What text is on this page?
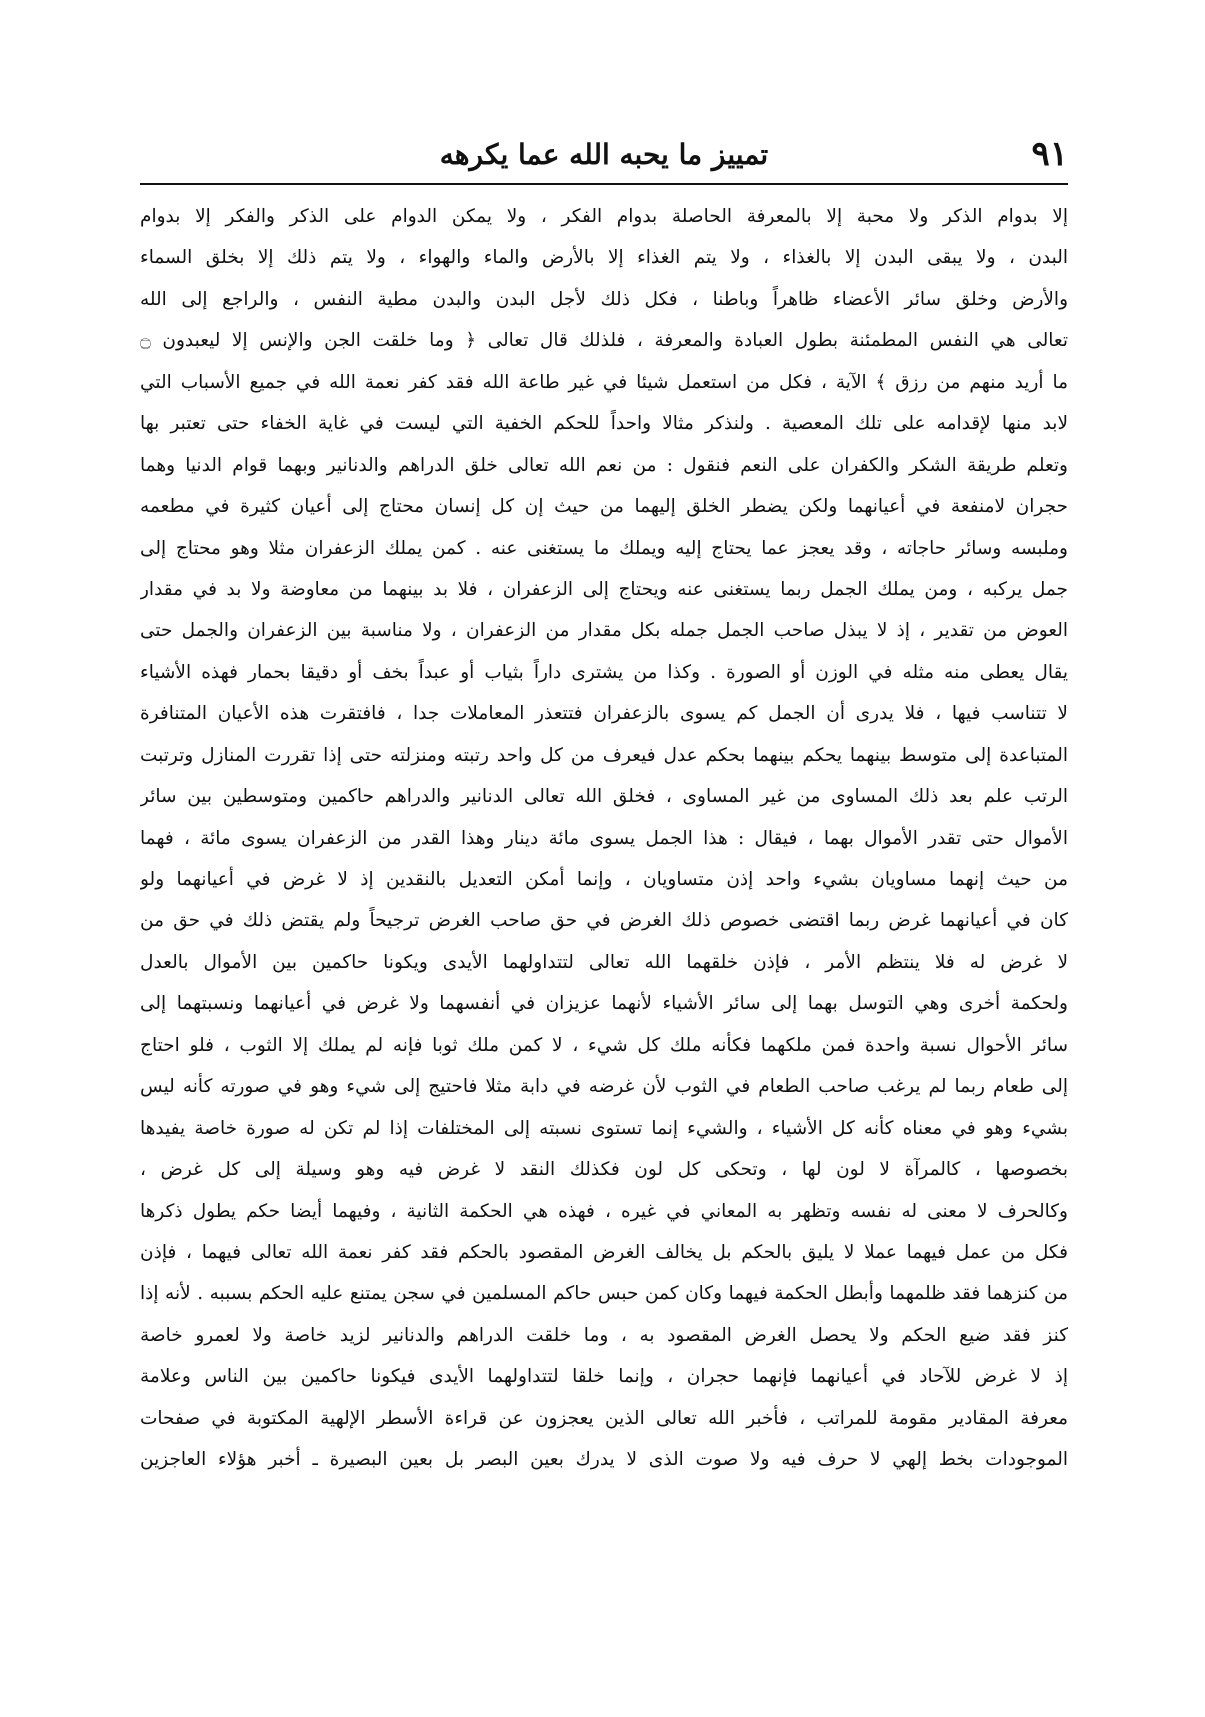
٩١
تمييز ما يحبه الله عما يكرهه
إلا بدوام الذكر ولا محبة إلا بالمعرفة الحاصلة بدوام الفكر ، ولا يمكن الدوام على الذكر والفكر إلا بدوام
البدن ، ولا يبقى البدن إلا بالغذاء ، ولا يتم الغذاء إلا بالأرض والماء والهواء ، ولا يتم ذلك إلا بخلق السماء
والأرض وخلق سائر الأعضاء ظاهراً وباطنا ، فكل ذلك لأجل البدن والبدن مطية النفس ، والراجع إلى الله
تعالى هي النفس المطمئنة بطول العبادة والمعرفة ، فلذلك قال تعالى ﴿ وما خلقت الجن والإنس إلا ليعبدون ۝
ما أريد منهم من رزق ﴾ الآية ، فكل من استعمل شيئا في غير طاعة الله فقد كفر نعمة الله في جميع الأسباب التي
لابد منها لإقدامه على تلك المعصية . ولنذكر مثالا واحداً للحكم الخفية التي ليست في غاية الخفاء حتى تعتبر بها
وتعلم طريقة الشكر والكفران على النعم فنقول : من نعم الله تعالى خلق الدراهم والدنانير وبهما قوام الدنيا وهما
حجران لامنفعة في أعيانهما ولكن يضطر الخلق إليهما من حيث إن كل إنسان محتاج إلى أعيان كثيرة في مطعمه
وملبسه وسائر حاجاته ، وقد يعجز عما يحتاج إليه ويملك ما يستغنى عنه . كمن يملك الزعفران مثلا وهو محتاج إلى
جمل يركبه ، ومن يملك الجمل ربما يستغنى عنه ويحتاج إلى الزعفران ، فلا بد بينهما من معاوضة ولا بد في مقدار
العوض من تقدير ، إذ لا يبذل صاحب الجمل جمله بكل مقدار من الزعفران ، ولا مناسبة بين الزعفران والجمل حتى
يقال يعطى منه مثله في الوزن أو الصورة . وكذا من يشترى داراً بثياب أو عبداً بخف أو دقيقا بحمار فهذه الأشياء
لا تتناسب فيها ، فلا يدرى أن الجمل كم يسوى بالزعفران فتتعذر المعاملات جدا ، فافتقرت هذه الأعيان المتنافرة
المتباعدة إلى متوسط بينهما يحكم بينهما بحكم عدل فيعرف من كل واحد رتبته ومنزلته حتى إذا تقررت المنازل وترتبت
الرتب علم بعد ذلك المساوى من غير المساوى ، فخلق الله تعالى الدنانير والدراهم حاكمين ومتوسطين بين سائر
الأموال حتى تقدر الأموال بهما ، فيقال : هذا الجمل يسوى مائة دينار وهذا القدر من الزعفران يسوى مائة ، فهما
من حيث إنهما مساويان بشيء واحد إذن متساويان ، وإنما أمكن التعديل بالنقدين إذ لا غرض في أعيانهما ولو
كان في أعيانهما غرض ربما اقتضى خصوص ذلك الغرض في حق صاحب الغرض ترجيحاً ولم يقتض ذلك في حق من
لا غرض له فلا ينتظم الأمر ، فإذن خلقهما الله تعالى لتتداولهما الأيدى ويكونا حاكمين بين الأموال بالعدل
ولحكمة أخرى وهي التوسل بهما إلى سائر الأشياء لأنهما عزيزان في أنفسهما ولا غرض في أعيانهما ونسبتهما إلى
سائر الأحوال نسبة واحدة فمن ملكهما فكأنه ملك كل شيء ، لا كمن ملك ثوبا فإنه لم يملك إلا الثوب ، فلو احتاج
إلى طعام ربما لم يرغب صاحب الطعام في الثوب لأن غرضه في دابة مثلا فاحتيج إلى شيء وهو في صورته كأنه ليس
بشيء وهو في معناه كأنه كل الأشياء ، والشيء إنما تستوى نسبته إلى المختلفات إذا لم تكن له صورة خاصة يفيدها
بخصوصها ، كالمرآة لا لون لها ، وتحكى كل لون فكذلك النقد لا غرض فيه وهو وسيلة إلى كل غرض ،
وكالحرف لا معنى له نفسه وتظهر به المعاني في غيره ، فهذه هي الحكمة الثانية ، وفيهما أيضا حكم يطول ذكرها
فكل من عمل فيهما عملا لا يليق بالحكم بل يخالف الغرض المقصود بالحكم فقد كفر نعمة الله تعالى فيهما ، فإذن
من كنزهما فقد ظلمهما وأبطل الحكمة فيهما وكان كمن حبس حاكم المسلمين في سجن يمتنع عليه الحكم بسببه . لأنه إذا
كنز فقد ضيع الحكم ولا يحصل الغرض المقصود به ، وما خلقت الدراهم والدنانير لزيد خاصة ولا لعمرو خاصة
إذ لا غرض للآحاد في أعيانهما فإنهما حجران ، وإنما خلقا لتتداولهما الأيدى فيكونا حاكمين بين الناس وعلامة
معرفة المقادير مقومة للمراتب ، فأخبر الله تعالى الذين يعجزون عن قراءة الأسطر الإلهية المكتوبة في صفحات
الموجودات بخط إلهي لا حرف فيه ولا صوت الذى لا يدرك بعين البصر بل بعين البصيرة ـ أخبر هؤلاء العاجزين
